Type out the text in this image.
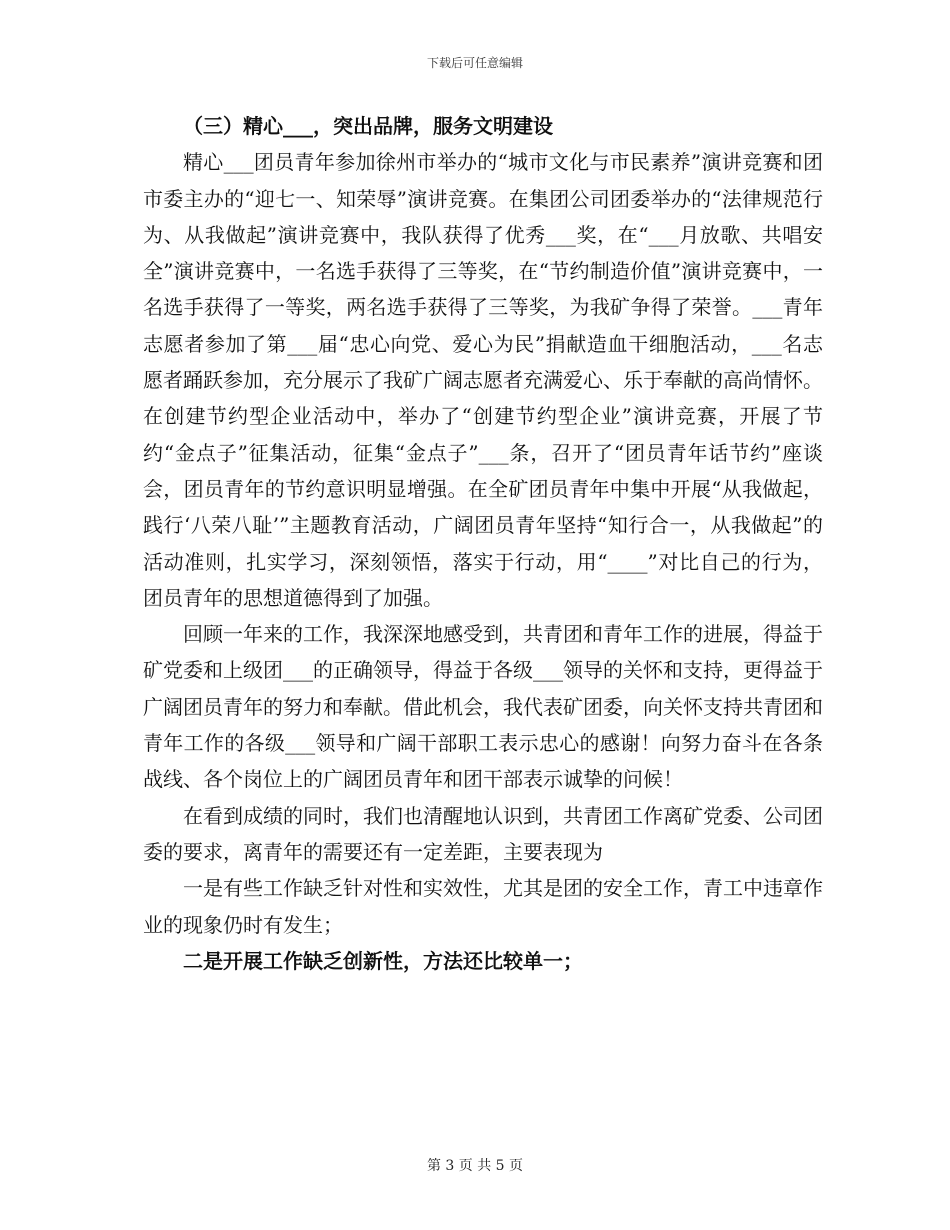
下载后可任意编辑

（三）精心___，突出品牌，服务文明建设

精心___团员青年参加徐州市举办的“城市文化与市民素养”演讲竞赛和团市委主办的“迎七一、知荣辱”演讲竞赛。在集团公司团委举办的“法律规范行为、从我做起”演讲竞赛中，我队获得了优秀___奖，在“___月放歌、共唱安全”演讲竞赛中，一名选手获得了三等奖，在“节约制造价值”演讲竞赛中，一名选手获得了一等奖，两名选手获得了三等奖，为我矿争得了荣誉。___青年志愿者参加了第___届“忠心向党、爱心为民”捐献造血干细胞活动，___名志愿者踊跃参加，充分展示了我矿广阔志愿者充满爱心、乐于奉献的高尚情怀。在创建节约型企业活动中，举办了“创建节约型企业”演讲竞赛，开展了节约“金点子”征集活动，征集“金点子”___条，召开了“团员青年话节约”座谈会，团员青年的节约意识明显增强。在全矿团员青年中集中开展“从我做起，践行‘八荣八耻’”主题教育活动，广阔团员青年坚持“知行合一，从我做起”的活动准则，扎实学习，深刻领悟，落实于行动，用“____”对比自己的行为，团员青年的思想道德得到了加强。

回顾一年来的工作，我深深地感受到，共青团和青年工作的进展，得益于矿党委和上级团___的正确领导，得益于各级___领导的关怀和支持，更得益于广阔团员青年的努力和奉献。借此机会，我代表矿团委，向关怀支持共青团和青年工作的各级___领导和广阔干部职工表示忠心的感谢！向努力奋斗在各条战线、各个岗位上的广阔团员青年和团干部表示诚挚的问候！

在看到成绩的同时，我们也清醒地认识到，共青团工作离矿党委、公司团委的要求，离青年的需要还有一定差距，主要表现为

一是有些工作缺乏针对性和实效性，尤其是团的安全工作，青工中违章作业的现象仍时有发生；

二是开展工作缺乏创新性，方法还比较单一；

第 3 页 共 5 页
